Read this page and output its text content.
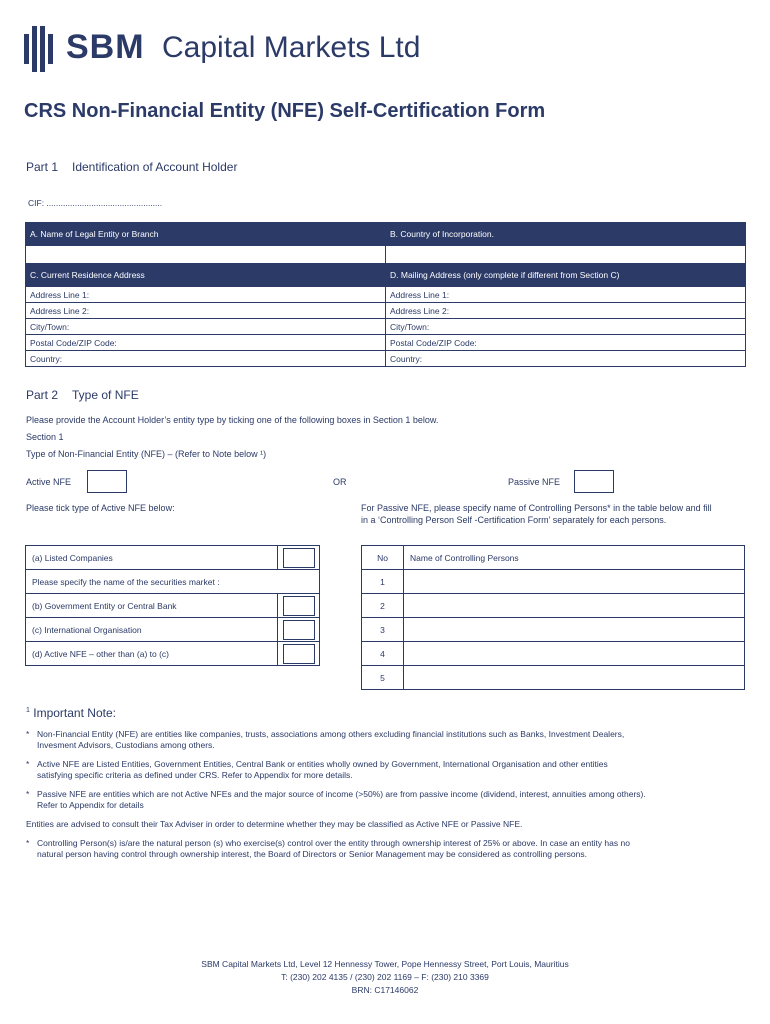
SBM Capital Markets Ltd
CRS Non-Financial Entity (NFE) Self-Certification Form
Part 1 Identification of Account Holder
CIF: .................................................
A. Name of Legal Entity or Branch	B. Country of Incorporation.

C. Current Residence Address	D. Mailing Address (only complete if different from Section C)
Address Line 1:	Address Line 1:
Address Line 2:	Address Line 2:
City/Town:	City/Town:
Postal Code/ZIP Code:	Postal Code/ZIP Code:
Country:	Country:
Part 2 Type of NFE
Please provide the Account Holder’s entity type by ticking one of the following boxes in Section 1 below.
Section 1
Type of Non-Financial Entity (NFE) – (Refer to Note below ¹)
Active NFE	OR	Passive NFE
Please tick type of Active NFE below:	For Passive NFE, please specify name of Controlling Persons* in the table below and fill
in a ‘Controlling Person Self -Certification Form’ separately for each persons.
(a) Listed Companies	

Please specify the name of the securities market :	
(b) Government Entity or Central Bank	

(c) International Organisation	

(d) Active NFE – other than (a) to (c)	
No	Name of Controlling Persons
1	
2	
3	
4	
5	
$^1$ Important Note:
* Non-Financial Entity (NFE) are entities like companies, trusts, associations among others excluding financial institutions such as Banks, Investment Dealers,
Invesment Advisors, Custodians among others.
* Active NFE are Listed Entities, Government Entities, Central Bank or entities wholly owned by Government, International Organisation and other entities
satisfying specific criteria as defined under CRS. Refer to Appendix for more details.
* Passive NFE are entities which are not Active NFEs and the major source of income (>50%) are from passive income (dividend, interest, annuities among others).
Refer to Appendix for details
Entities are advised to consult their Tax Adviser in order to determine whether they may be classified as Active NFE or Passive NFE.
* Controlling Person(s) is/are the natural person (s) who exercise(s) control over the entity through ownership interest of 25% or above. In case an entity has no
natural person having control through ownership interest, the Board of Directors or Senior Management may be considered as controlling persons.
SBM Capital Markets Ltd, Level 12 Hennessy Tower, Pope Hennessy Street, Port Louis, Mauritius
T: (230) 202 4135 / (230) 202 1169 – F: (230) 210 3369
BRN: C17146062
